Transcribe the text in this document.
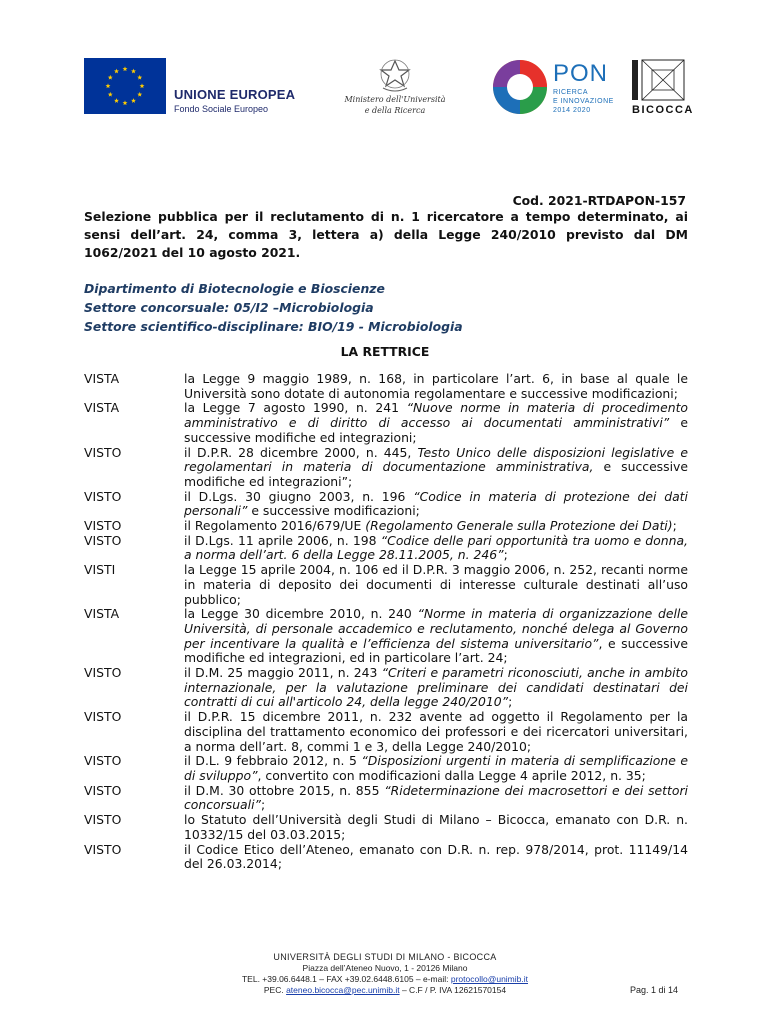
UNIONE EUROPEA
Fondo Sociale Europeo
Ministero dell'Università
e della Ricerca
PON
RICERCA
E INNOVAZIONE
2014 2020	BICOCCA
Cod. 2021-RTDAPON-157
Selezione pubblica per il reclutamento di n. 1 ricercatore a tempo determinato, ai sensi dell’art. 24, comma 3, lettera a) della Legge 240/2010 previsto dal DM 1062/2021 del 10 agosto 2021.
Dipartimento di Biotecnologie e Bioscienze
Settore concorsuale: 05/I2 –Microbiologia
Settore scientifico-disciplinare: BIO/19 - Microbiologia
LA RETTRICE
VISTA	la Legge 9 maggio 1989, n. 168, in particolare l’art. 6, in base al quale le Università sono dotate di autonomia regolamentare e successive modificazioni;
VISTA	la Legge 7 agosto 1990, n. 241 “Nuove norme in materia di procedimento amministrativo e di diritto di accesso ai documentati amministrativi” e successive modifiche ed integrazioni;
VISTO	il D.P.R. 28 dicembre 2000, n. 445, Testo Unico delle disposizioni legislative e regolamentari in materia di documentazione amministrativa, e successive modifiche ed integrazioni”;
VISTO	il D.Lgs. 30 giugno 2003, n. 196 “Codice in materia di protezione dei dati personali” e successive modificazioni;
VISTO	il Regolamento 2016/679/UE (Regolamento Generale sulla Protezione dei Dati);
VISTO	il D.Lgs. 11 aprile 2006, n. 198 “Codice delle pari opportunità tra uomo e donna, a norma dell’art. 6 della Legge 28.11.2005, n. 246”;
VISTI	la Legge 15 aprile 2004, n. 106 ed il D.P.R. 3 maggio 2006, n. 252, recanti norme in materia di deposito dei documenti di interesse culturale destinati all’uso pubblico;
VISTA	la Legge 30 dicembre 2010, n. 240 “Norme in materia di organizzazione delle Università, di personale accademico e reclutamento, nonché delega al Governo per incentivare la qualità e l’efficienza del sistema universitario”, e successive modifiche ed integrazioni, ed in particolare l’art. 24;
VISTO	il D.M. 25 maggio 2011, n. 243 “Criteri e parametri riconosciuti, anche in ambito internazionale, per la valutazione preliminare dei candidati destinatari dei contratti di cui all'articolo 24, della legge 240/2010”;
VISTO	il D.P.R. 15 dicembre 2011, n. 232 avente ad oggetto il Regolamento per la disciplina del trattamento economico dei professori e dei ricercatori universitari, a norma dell’art. 8, commi 1 e 3, della Legge 240/2010;
VISTO	il D.L. 9 febbraio 2012, n. 5 “Disposizioni urgenti in materia di semplificazione e di sviluppo”, convertito con modificazioni dalla Legge 4 aprile 2012, n. 35;
VISTO	il D.M. 30 ottobre 2015, n. 855 “Rideterminazione dei macrosettori e dei settori concorsuali”;
VISTO	lo Statuto dell’Università degli Studi di Milano – Bicocca, emanato con D.R. n. 10332/15 del 03.03.2015;
VISTO	il Codice Etico dell’Ateneo, emanato con D.R. n. rep. 978/2014, prot. 11149/14 del 26.03.2014;
UNIVERSITÀ DEGLI STUDI DI MILANO - BICOCCA
Piazza dell’Ateneo Nuovo, 1 - 20126 Milano
TEL. +39.06.6448.1 – FAX +39.02.6448.6105 – e-mail: protocollo@unimib.it
PEC. ateneo.bicocca@pec.unimib.it – C.F / P. IVA 12621570154	Pag. 1 di 14
